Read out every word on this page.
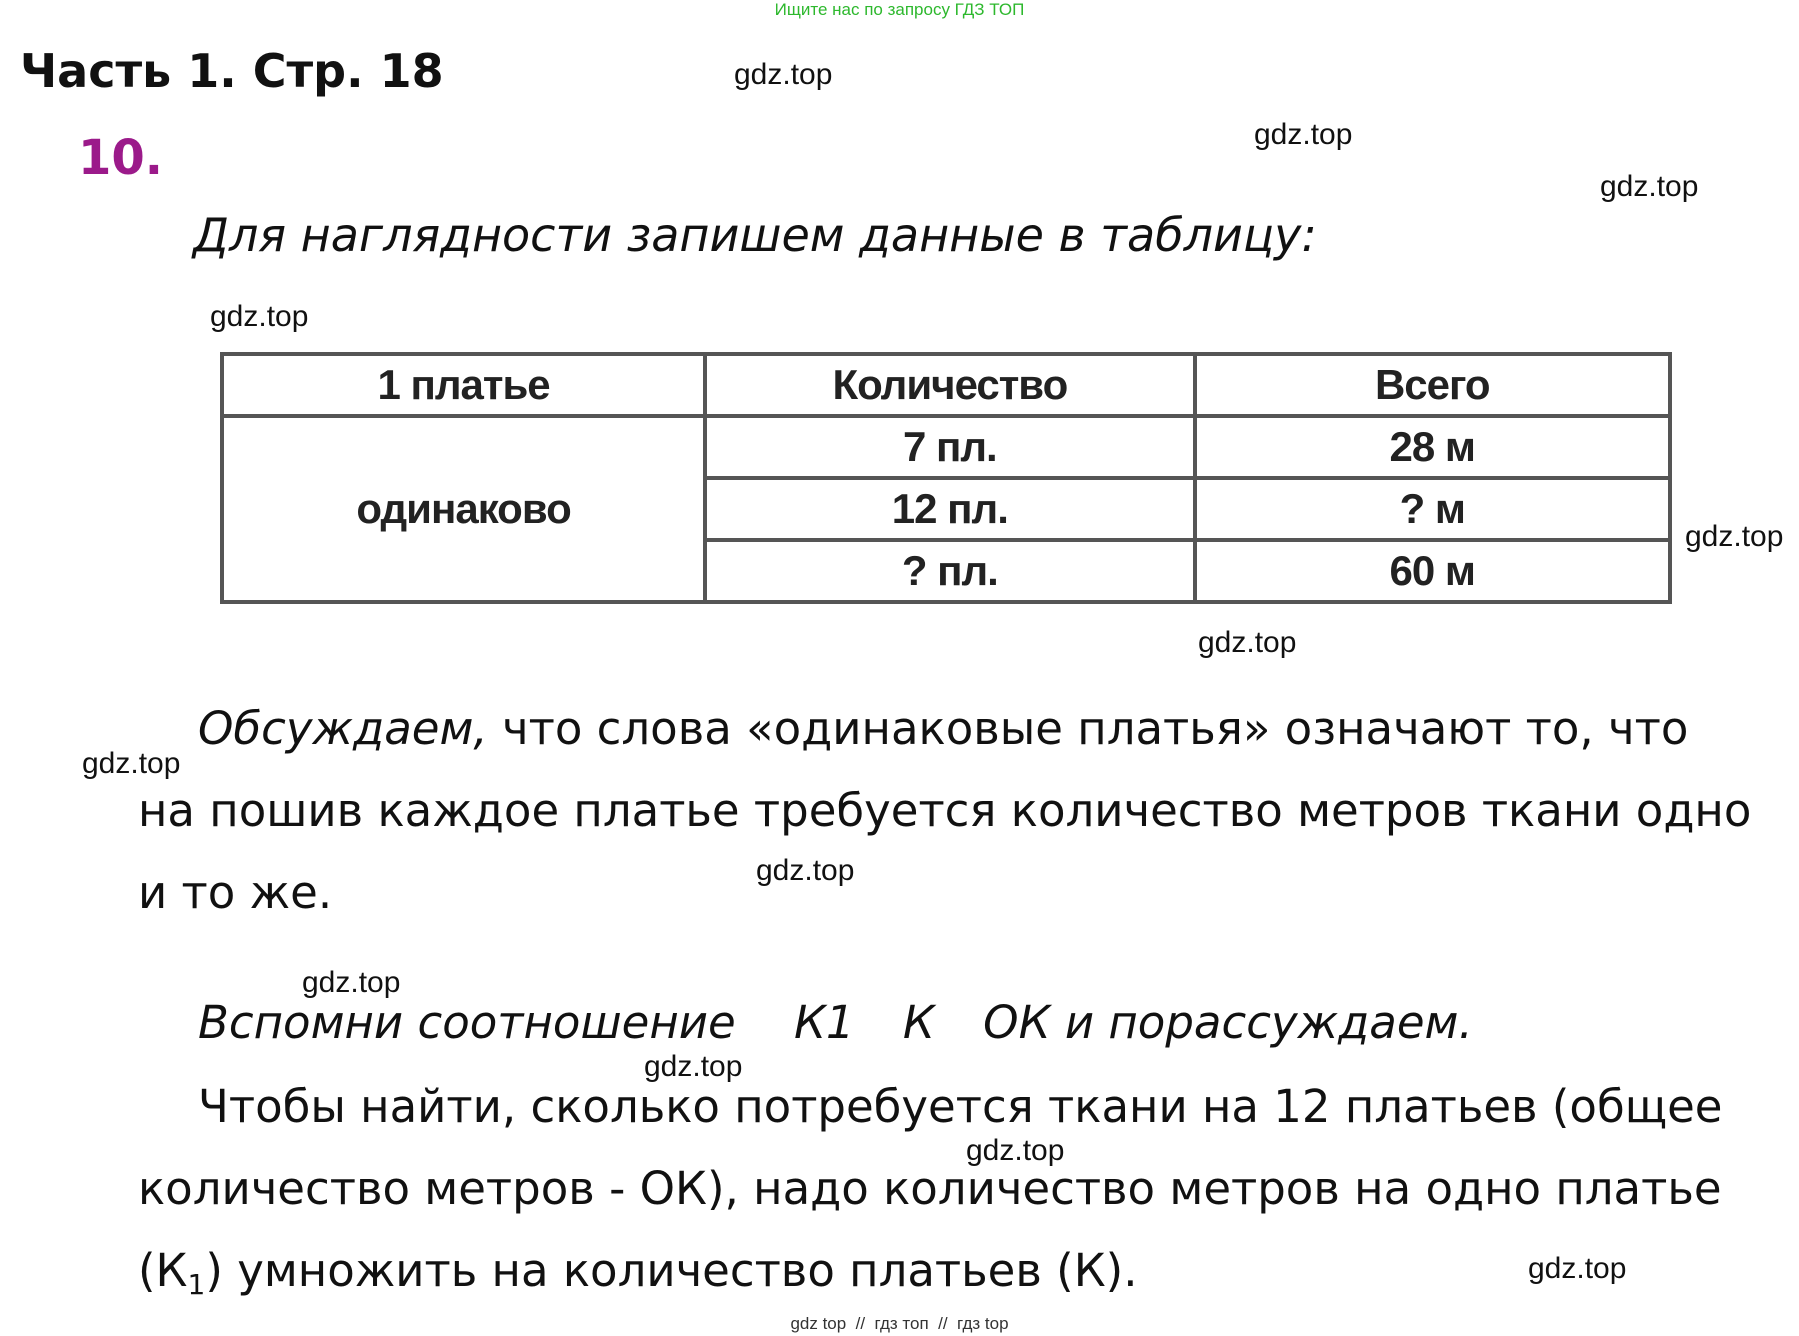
Ищите нас по запросу ГДЗ ТОП
Часть 1. Стр. 18
10.
Для наглядности запишем данные в таблицу:
gdz.top
gdz.top
gdz.top
gdz.top
gdz.top
gdz.top
gdz.top
gdz.top
gdz.top
gdz.top
gdz.top
gdz.top
1 платье	Количество	Всего
одинаково	7 пл.	28 м
	12 пл.	? м
	? пл.	60 м
Обсуждаем, что слова «одинаковые платья» означают то, что
на пошив каждое платье требуется количество метров ткани одно
и то же.
Вспомни соотношение К1 К ОК и порассуждаем.
Чтобы найти, сколько потребуется ткани на 12 платьев (общее
количество метров - ОК), надо количество метров на одно платье
$(К_1)$ умножить на количество платьев (К).
gdz top  //  гдз топ  //  гдз top
